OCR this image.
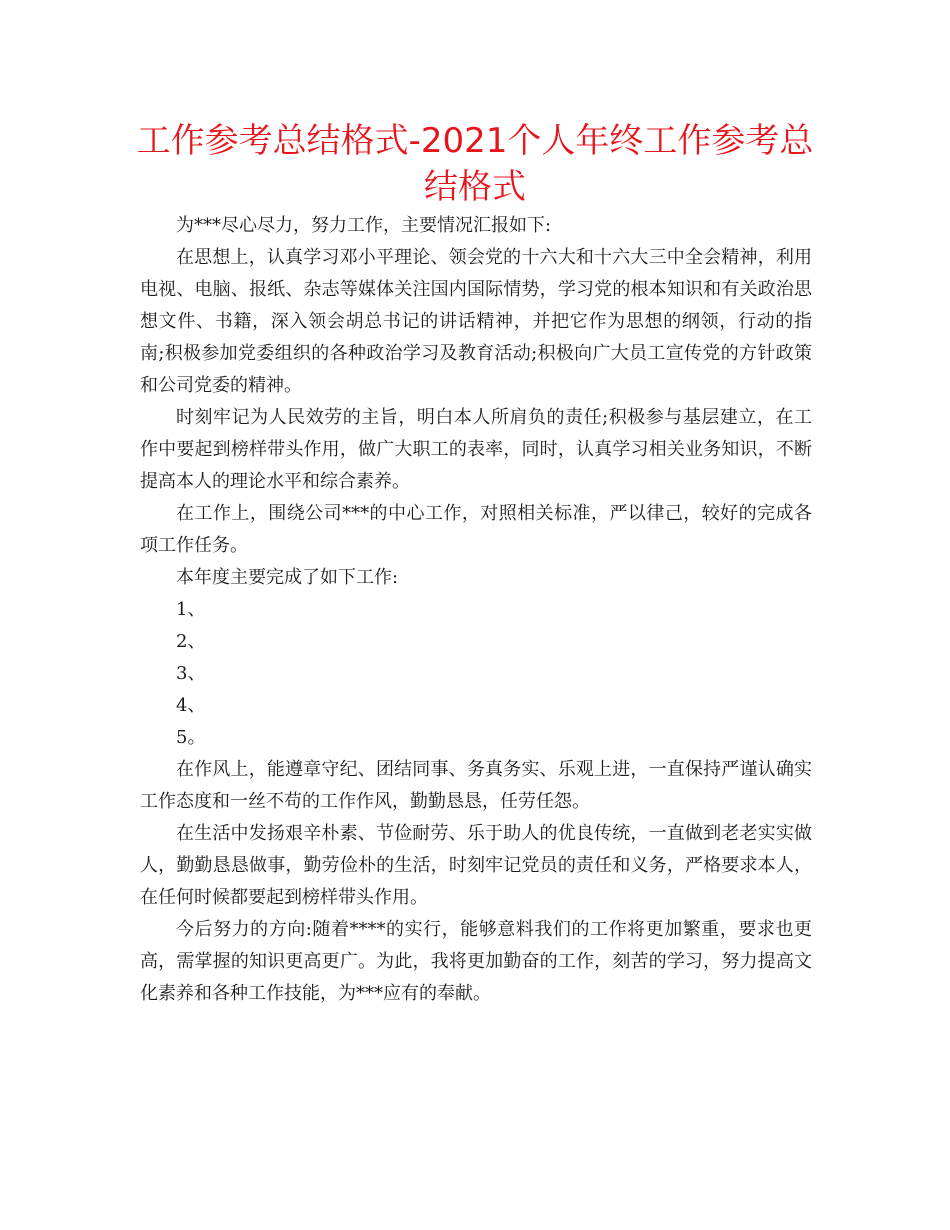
工作参考总结格式-2021个人年终工作参考总结格式

为***尽心尽力，努力工作，主要情况汇报如下:

在思想上，认真学习邓小平理论、领会党的十六大和十六大三中全会精神，利用电视、电脑、报纸、杂志等媒体关注国内国际情势，学习党的根本知识和有关政治思想文件、书籍，深入领会胡总书记的讲话精神，并把它作为思想的纲领，行动的指南;积极参加党委组织的各种政治学习及教育活动;积极向广大员工宣传党的方针政策和公司党委的精神。

时刻牢记为人民效劳的主旨，明白本人所肩负的责任;积极参与基层建立，在工作中要起到榜样带头作用，做广大职工的表率，同时，认真学习相关业务知识，不断提高本人的理论水平和综合素养。

在工作上，围绕公司***的中心工作，对照相关标准，严以律己，较好的完成各项工作任务。

本年度主要完成了如下工作:

1、

2、

3、

4、

5。

在作风上，能遵章守纪、团结同事、务真务实、乐观上进，一直保持严谨认确实工作态度和一丝不苟的工作作风，勤勤恳恳，任劳任怨。

在生活中发扬艰辛朴素、节俭耐劳、乐于助人的优良传统，一直做到老老实实做人，勤勤恳恳做事，勤劳俭朴的生活，时刻牢记党员的责任和义务，严格要求本人，在任何时候都要起到榜样带头作用。

今后努力的方向:随着****的实行，能够意料我们的工作将更加繁重，要求也更高，需掌握的知识更高更广。为此，我将更加勤奋的工作，刻苦的学习，努力提高文化素养和各种工作技能，为***应有的奉献。
